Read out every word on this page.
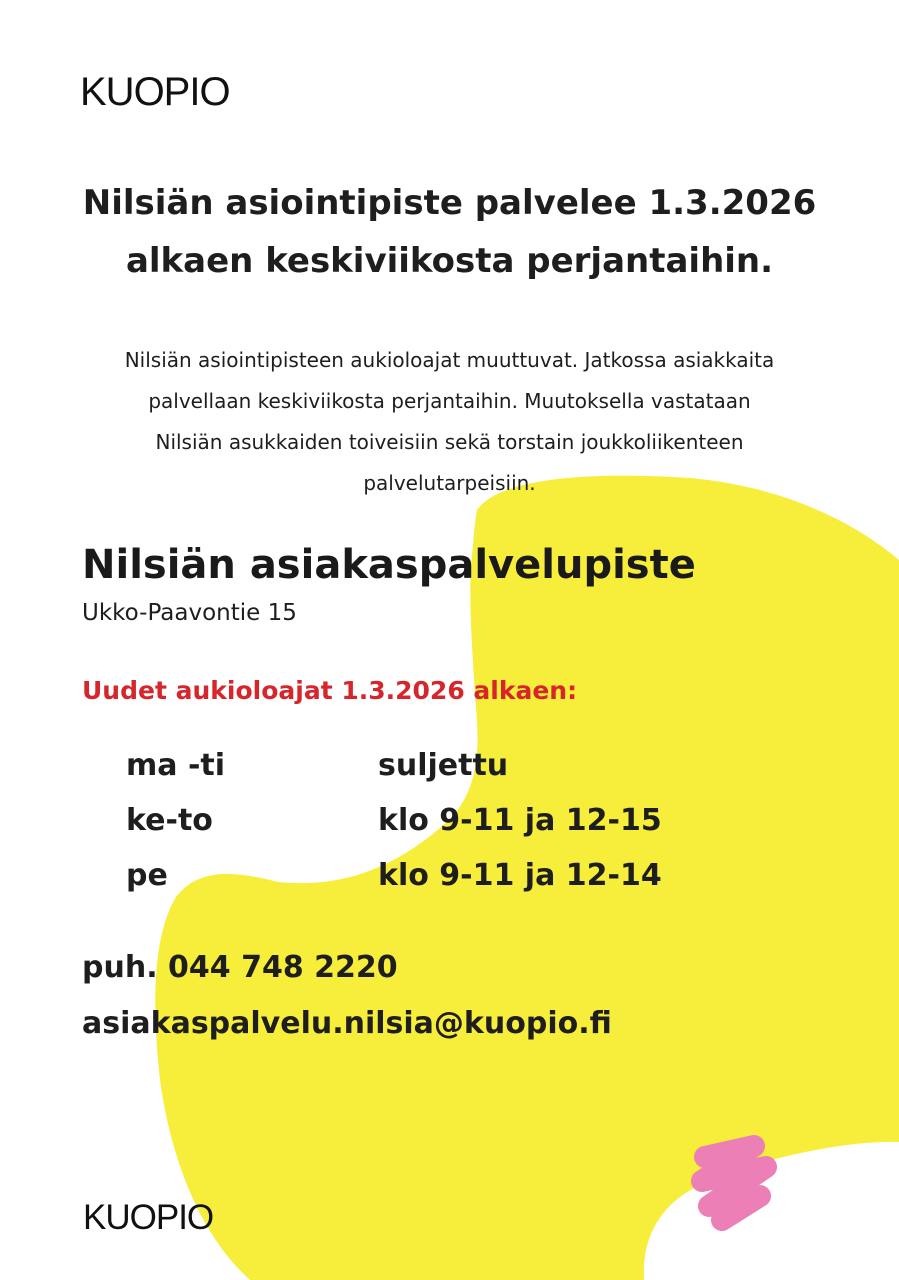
KUOPIO
Nilsiän asiointipiste palvelee 1.3.2026
alkaen keskiviikosta perjantaihin.
Nilsiän asiointipisteen aukioloajat muuttuvat. Jatkossa asiakkaita
palvellaan keskiviikosta perjantaihin. Muutoksella vastataan
Nilsiän asukkaiden toiveisiin sekä torstain joukkoliikenteen
palvelutarpeisiin.
Nilsiän asiakaspalvelupiste
Ukko-Paavontie 15
Uudet aukioloajat 1.3.2026 alkaen:
ma -ti	suljettu
ke-to	klo 9-11 ja 12-15
pe	klo 9-11 ja 12-14
puh. 044 748 2220
asiakaspalvelu.nilsia@kuopio.fi
KUOPIO
